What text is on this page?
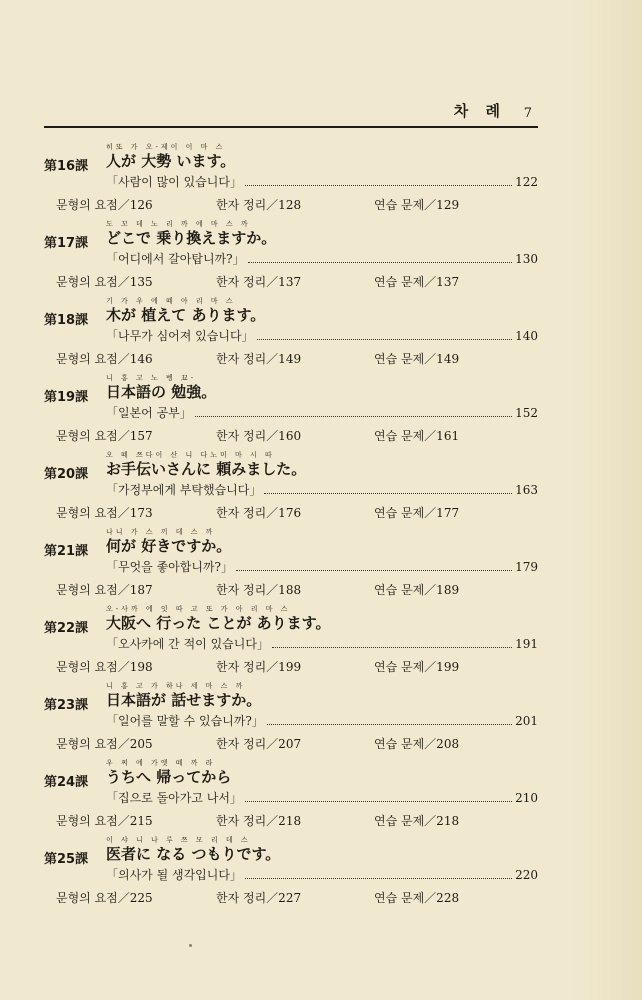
차 례 7
第16課
히또 가 오-제이 이 마 스
人が 大勢 います。
「사람이 많이 있습니다」	122
문형의 요점／126	한자 정리／128	연습 문제／129
第17課
도 꼬 데 노 리 까 에 마 스 까
どこで 乗り換えますか。
「어디에서 갈아탑니까?」	130
문형의 요점／135	한자 정리／137	연습 문제／137
第18課
기 가 우 에 떼 아 리 마 스
木が 植えて あります。
「나무가 심어져 있습니다」	140
문형의 요점／146	한자 정리／149	연습 문제／149
第19課
니 홍 고 노 벵 꾜-
日本語の 勉強。
「일본어 공부」	152
문형의 요점／157	한자 정리／160	연습 문제／161
第20課
오 떼 쯔다이 산 니 다노미 마 시 따
お手伝いさんに 頼みました。
「가정부에게 부탁했습니다」	163
문형의 요점／173	한자 정리／176	연습 문제／177
第21課
나니 가 스 끼 데 스 까
何が 好きですか。
「무엇을 좋아합니까?」	179
문형의 요점／187	한자 정리／188	연습 문제／189
第22課
오-사까 에 잇 따 고 또 가 아 리 마 스
大阪へ 行った ことが あります。
「오사카에 간 적이 있습니다」	191
문형의 요점／198	한자 정리／199	연습 문제／199
第23課
니 홍 고 가 하나 세 마 스 까
日本語が 話せますか。
「일어를 말할 수 있습니까?」	201
문형의 요점／205	한자 정리／207	연습 문제／208
第24課
우 찌 에 가엣 떼 까 라
うちへ 帰ってから
「집으로 돌아가고 나서」	210
문형의 요점／215	한자 정리／218	연습 문제／218
第25課
이 샤 니 나 루 쯔 모 리 데 스
医者に なる つもりです。
「의사가 될 생각입니다」	220
문형의 요점／225	한자 정리／227	연습 문제／228
